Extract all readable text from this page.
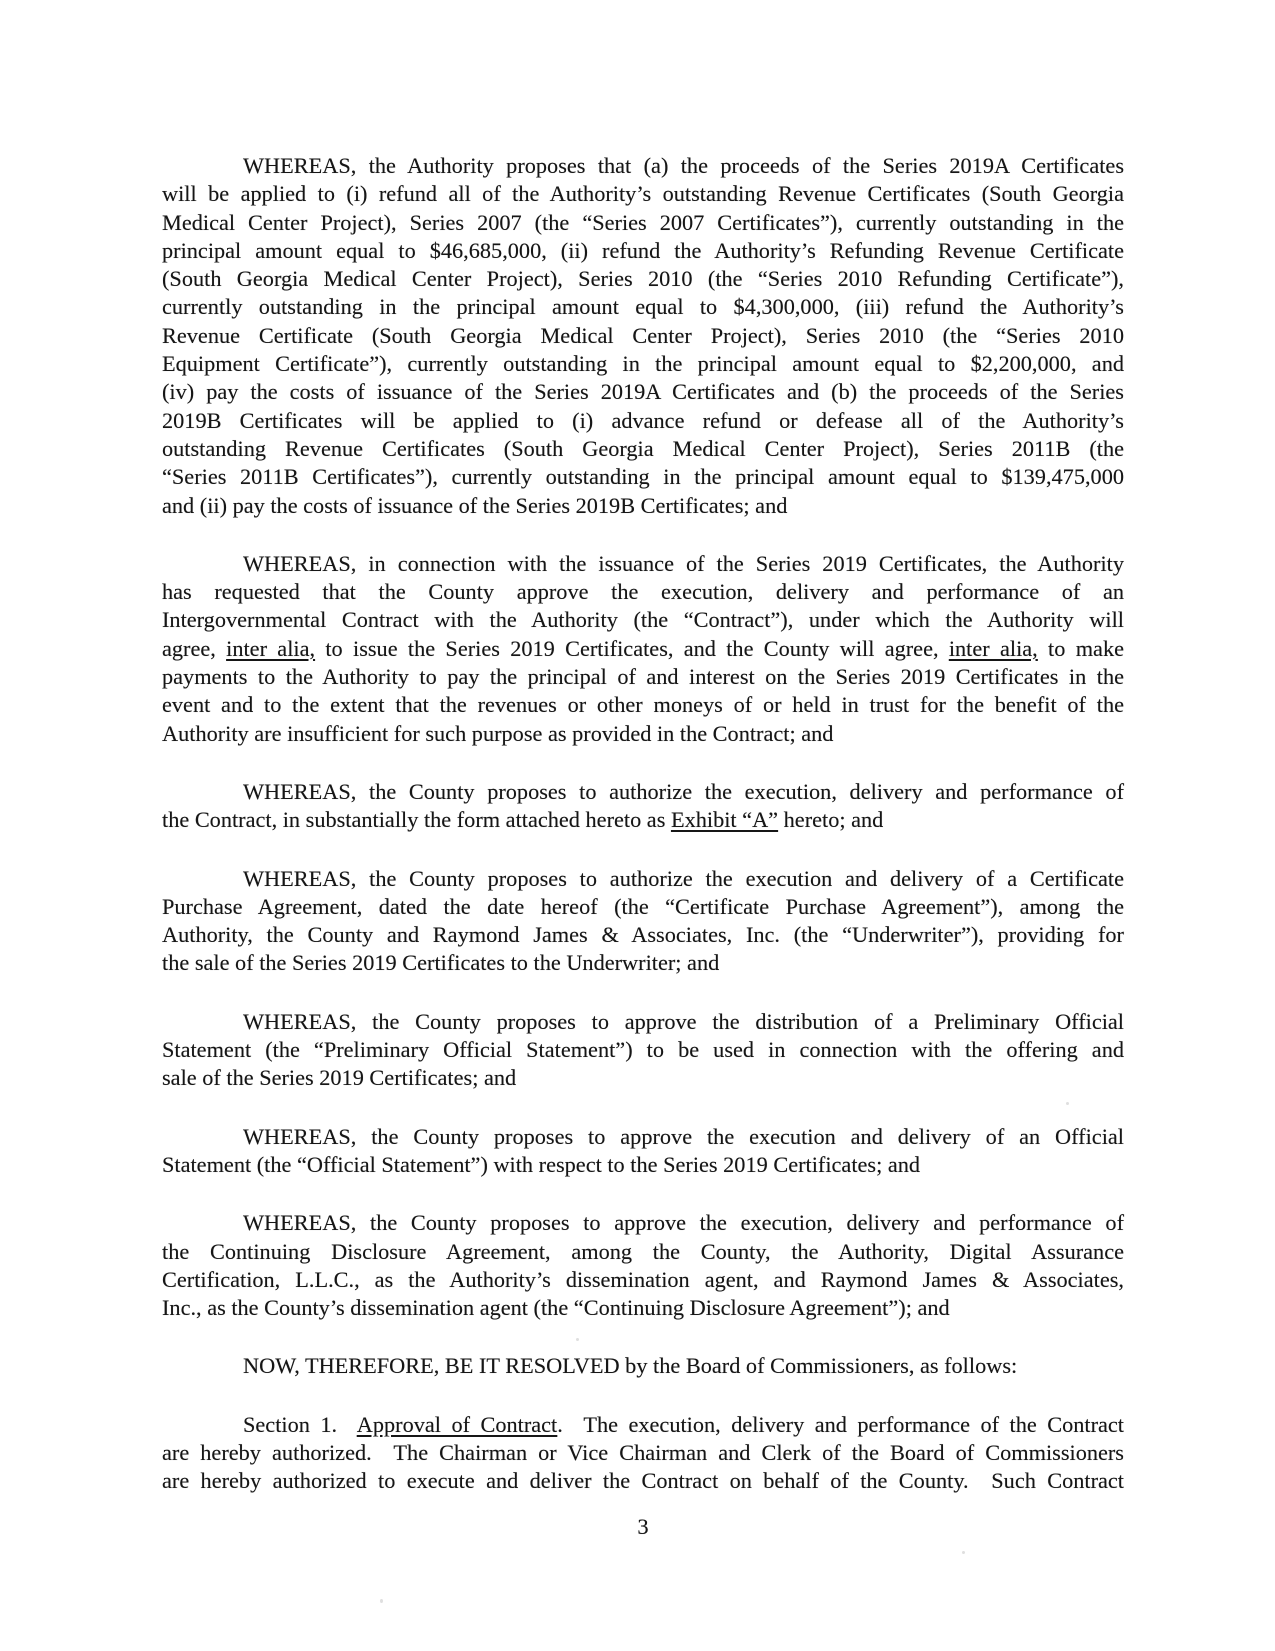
WHEREAS, the Authority proposes that (a) the proceeds of the Series 2019A Certificates
will be applied to (i) refund all of the Authority’s outstanding Revenue Certificates (South Georgia
Medical Center Project), Series 2007 (the “Series 2007 Certificates”), currently outstanding in the
principal amount equal to $46,685,000, (ii) refund the Authority’s Refunding Revenue Certificate
(South Georgia Medical Center Project), Series 2010 (the “Series 2010 Refunding Certificate”),
currently outstanding in the principal amount equal to $4,300,000, (iii) refund the Authority’s
Revenue Certificate (South Georgia Medical Center Project), Series 2010 (the “Series 2010
Equipment Certificate”), currently outstanding in the principal amount equal to $2,200,000, and
(iv) pay the costs of issuance of the Series 2019A Certificates and (b) the proceeds of the Series
2019B Certificates will be applied to (i) advance refund or defease all of the Authority’s
outstanding Revenue Certificates (South Georgia Medical Center Project), Series 2011B (the
“Series 2011B Certificates”), currently outstanding in the principal amount equal to $139,475,000
and (ii) pay the costs of issuance of the Series 2019B Certificates; and
WHEREAS, in connection with the issuance of the Series 2019 Certificates, the Authority
has requested that the County approve the execution, delivery and performance of an
Intergovernmental Contract with the Authority (the “Contract”), under which the Authority will
agree, inter alia, to issue the Series 2019 Certificates, and the County will agree, inter alia, to make
payments to the Authority to pay the principal of and interest on the Series 2019 Certificates in the
event and to the extent that the revenues or other moneys of or held in trust for the benefit of the
Authority are insufficient for such purpose as provided in the Contract; and
WHEREAS, the County proposes to authorize the execution, delivery and performance of
the Contract, in substantially the form attached hereto as Exhibit “A” hereto; and
WHEREAS, the County proposes to authorize the execution and delivery of a Certificate
Purchase Agreement, dated the date hereof (the “Certificate Purchase Agreement”), among the
Authority, the County and Raymond James & Associates, Inc. (the “Underwriter”), providing for
the sale of the Series 2019 Certificates to the Underwriter; and
WHEREAS, the County proposes to approve the distribution of a Preliminary Official
Statement (the “Preliminary Official Statement”) to be used in connection with the offering and
sale of the Series 2019 Certificates; and
WHEREAS, the County proposes to approve the execution and delivery of an Official
Statement (the “Official Statement”) with respect to the Series 2019 Certificates; and
WHEREAS, the County proposes to approve the execution, delivery and performance of
the Continuing Disclosure Agreement, among the County, the Authority, Digital Assurance
Certification, L.L.C., as the Authority’s dissemination agent, and Raymond James & Associates,
Inc., as the County’s dissemination agent (the “Continuing Disclosure Agreement”); and
NOW, THEREFORE, BE IT RESOLVED by the Board of Commissioners, as follows:
Section 1.  Approval of Contract.  The execution, delivery and performance of the Contract
are hereby authorized.  The Chairman or Vice Chairman and Clerk of the Board of Commissioners
are hereby authorized to execute and deliver the Contract on behalf of the County.  Such Contract
3
